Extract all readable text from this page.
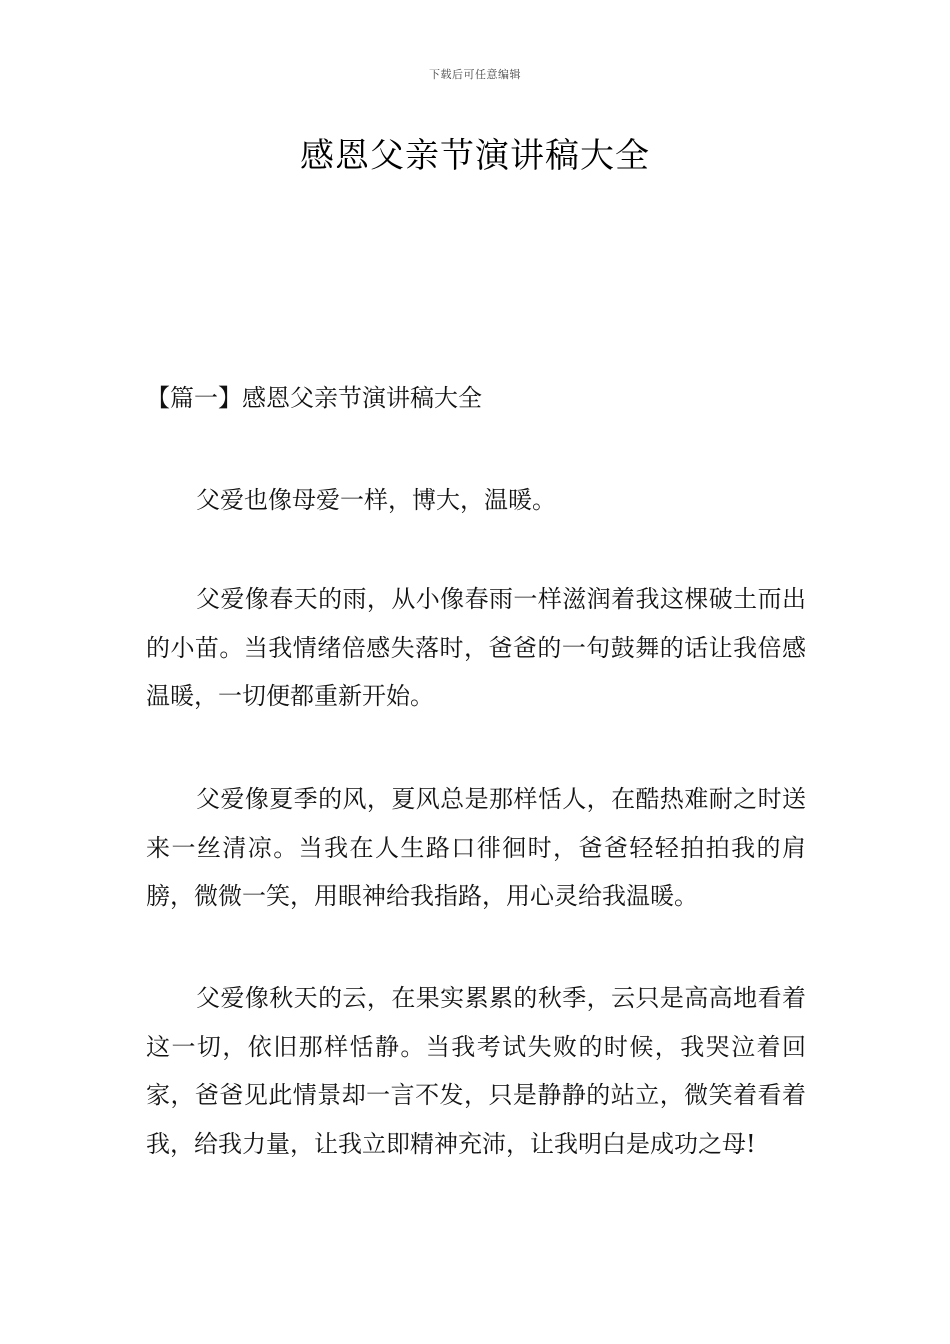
下载后可任意编辑
感恩父亲节演讲稿大全
【篇一】感恩父亲节演讲稿大全

父爱也像母爱一样，博大，温暖。

父爱像春天的雨，从小像春雨一样滋润着我这棵破土而出的小苗。当我情绪倍感失落时，爸爸的一句鼓舞的话让我倍感温暖，一切便都重新开始。

父爱像夏季的风，夏风总是那样恬人，在酷热难耐之时送来一丝清凉。当我在人生路口徘徊时，爸爸轻轻拍拍我的肩膀，微微一笑，用眼神给我指路，用心灵给我温暖。

父爱像秋天的云，在果实累累的秋季，云只是高高地看着这一切，依旧那样恬静。当我考试失败的时候，我哭泣着回家，爸爸见此情景却一言不发，只是静静的站立，微笑着看着我，给我力量，让我立即精神充沛，让我明白是成功之母!
